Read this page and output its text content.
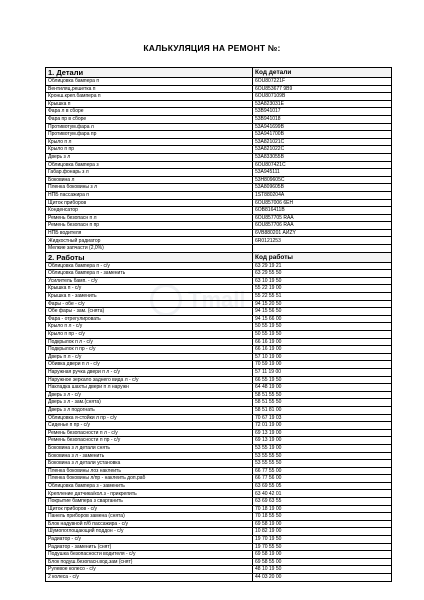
КАЛЬКУЛЯЦИЯ НА РЕМОНТ №:
Tmall
1. Детали	Код детали
Облицовка бампера п	6ОU807221F
Вентиляц.решетка п	6ОU853677 9В9
Кронш.креп.бампера п	6ОU807109В
Крышка п	53А823031Е
Фара л в сборе	53В941017
Фара пр в сборе	53В941018
Противотум.фара л	53А941699В
Противотум.фара пр	53А941700В
Крыло п л	53А821021С
Крыло п пр	53А821022С
Дверь з л	53А833055В
Облицовка бампера з	6ОU807421С
Габар.фонарь з л	53А945111
Боковина л	53Н809605С
Пленка боковины з л	53А809605В
НПБ пассажира п	1ST880204А
Щиток приборов	6ОU857006 6ЕН
Конденсатор	6ОВ816411В
Ремень безопасн п л	6ОU857705 RАА
Ремень безопасн п пр	6ОU857706 RАА
НПБ водителя	6VВ880201 АЙZY
Жидкостный радиатор	6R0121253
Мелкие запчасти (2,0%)	
2. Работы	Код работы
Облицовка бампера п - с/у	63 29 19 21
Облицовка бампера п - заменить	63 29 55 50
Усилитель бамп. - с/у	63 10 19 50
Крышка п - с/у	55 22 19 00
Крышка п - заменить	55 22 55 51
Фары - обе - с/у	94 15 20 50
Обе фары - зам. (снята)	94 15 56 50
Фара - отрегулировать	94 15 66 00
Крыло п л - с/у	50 55 19 50
Крыло п пр - с/у	50 55 19 50
Подкрылок п л - с/у	66 16 19 00
Подкрылок п пр - с/у	66 16 19 00
Дверь п л - с/у	57 10 19 00
Обивка двери п л - с/у	70 59 19 00
Наружная ручка двери п л - с/у	57 11 19 00
Наружное зеркало заднего вида л - с/у	66 55 19 50
Накладка шахты двери п л наружн	64 48 19 00
Дверь з л - с/у	58 51 55 50
Дверь з л - зам.(снята)	58 51 55 50
Дверь з л подогнать	58 51 81 00
Облицовка я-стойки л пр - с/у	70 67 19 03
Сиденье п пр - с/у	72 01 19 00
Ремень безопасности п л - с/у	69 13 19 00
Ремень безопасности п пр - с/у	69 13 19 00
Боковина з л детали снять	53 55 19 00
Боковина з л - заменить	53 55 55 50
Боковина з л детали установка	53 55 55 50
Пленка боковины лоз наклеить	66 77 55 00
Пленка боковины л/пр - наклеить доп.раб	66 77 56 00
Облицовка бампера з - заменить	63 69 55 05
Креплениe датчика/кол.з - прикрепить	63 40 42 01
Покрытие бампера з сварганить	63 69 63 55
Щиток приборов - с/у	70 18 19 00
Панель приборов замена (снята)	70 18 55 50
Блок надувной п/б пассажира - с/у	69 58 19 00
Шумопоглощающий поддон - с/у	10 82 19 00
Радиатор - с/у	19 70 19 50
Радиатор - заменить (снят)	19 70 55 50
Подушка безопасности водителя - с/у	69 58 19 00
Блок подуш.безопасн.вод.зам (снят)	69 58 55 00
Рулевое колесо - с/у	48 10 19 50
2 колеса - с/у	44 03 20 00
